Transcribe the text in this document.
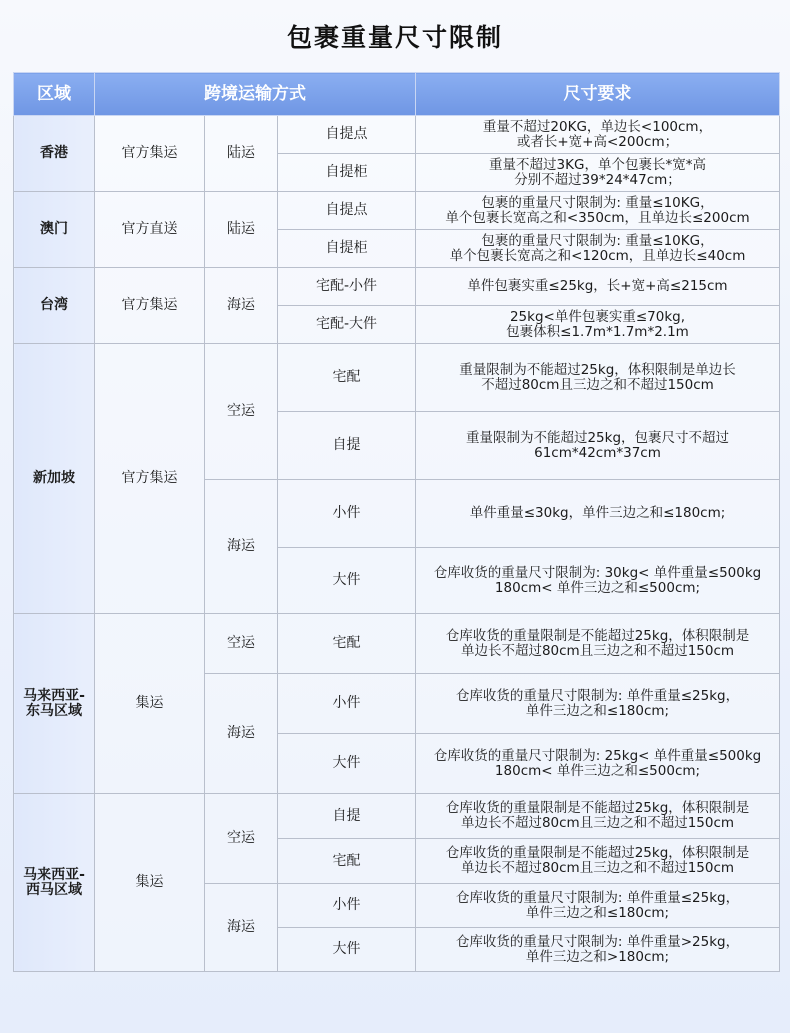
包裹重量尺寸限制
区域	跨境运输方式			尺寸要求
香港	官方集运	陆运	自提点	重量不超过20KG，单边长<100cm，
或者长+宽+高<200cm；
			自提柜	重量不超过3KG，单个包裹长*宽*高
分别不超过39*24*47cm；
澳门	官方直送	陆运	自提点	包裹的重量尺寸限制为: 重量≤10KG，
单个包裹长宽高之和<350cm，且单边长≤200cm
			自提柜	包裹的重量尺寸限制为: 重量≤10KG，
单个包裹长宽高之和<120cm，且单边长≤40cm
台湾	官方集运	海运	宅配-小件	单件包裹实重≤25kg，长+宽+高≤215cm
			宅配-大件	25kg<单件包裹实重≤70kg,
包裹体积≤1.7m*1.7m*2.1m
新加坡	官方集运	空运	宅配	重量限制为不能超过25kg，体积限制是单边长
不超过80cm且三边之和不超过150cm
			自提	重量限制为不能超过25kg，包裹尺寸不超过
61cm*42cm*37cm
		海运	小件	单件重量≤30kg，单件三边之和≤180cm;
			大件	仓库收货的重量尺寸限制为: 30kg< 单件重量≤500kg
180cm< 单件三边之和≤500cm;
马来西亚-
东马区域	集运	空运	宅配	仓库收货的重量限制是不能超过25kg，体积限制是
单边长不超过80cm且三边之和不超过150cm
		海运	小件	仓库收货的重量尺寸限制为: 单件重量≤25kg，
单件三边之和≤180cm;
			大件	仓库收货的重量尺寸限制为: 25kg< 单件重量≤500kg
180cm< 单件三边之和≤500cm;
马来西亚-
西马区域	集运	空运	自提	仓库收货的重量限制是不能超过25kg，体积限制是
单边长不超过80cm且三边之和不超过150cm
			宅配	仓库收货的重量限制是不能超过25kg，体积限制是
单边长不超过80cm且三边之和不超过150cm
		海运	小件	仓库收货的重量尺寸限制为: 单件重量≤25kg，
单件三边之和≤180cm;
			大件	仓库收货的重量尺寸限制为: 单件重量>25kg，
单件三边之和>180cm;
